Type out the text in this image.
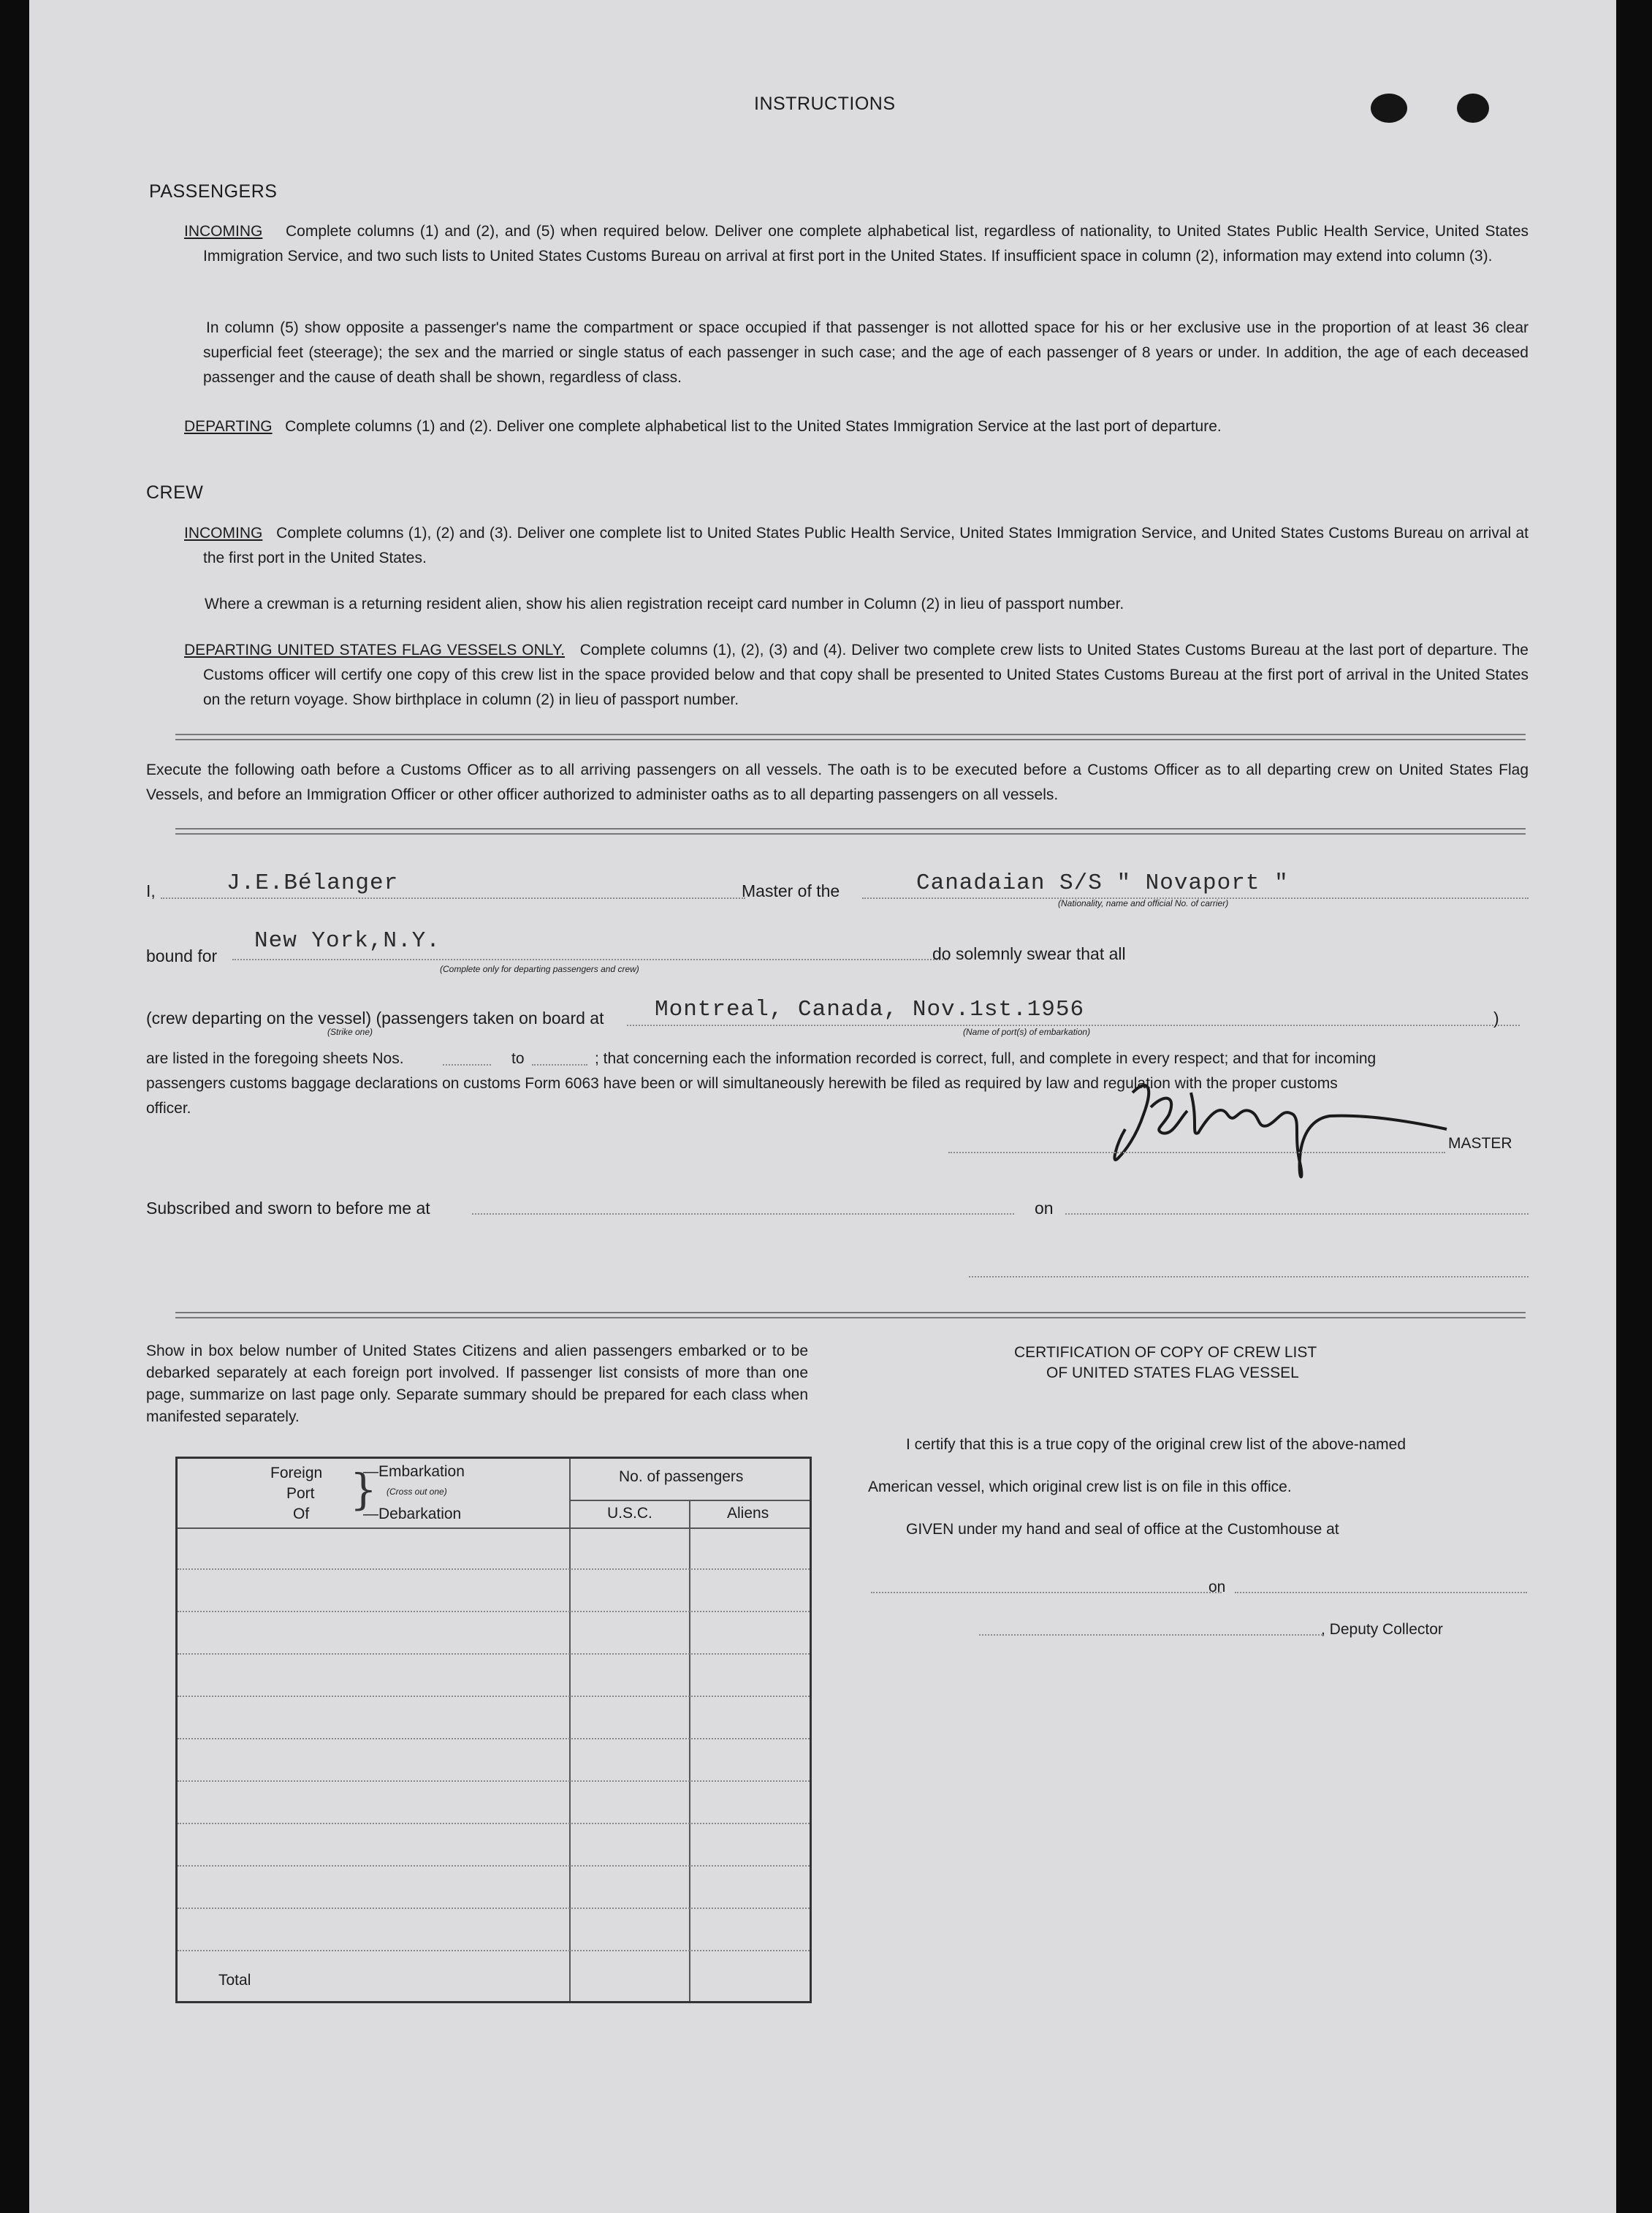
INSTRUCTIONS
PASSENGERS
INCOMING Complete columns (1) and (2), and (5) when required below. Deliver one complete alphabetical list, regardless of nationality, to United States Public Health Service, United States Immigration Service, and two such lists to United States Customs Bureau on arrival at first port in the United States. If insufficient space in column (2), information may extend into column (3).
In column (5) show opposite a passenger's name the compartment or space occupied if that passenger is not allotted space for his or her exclusive use in the proportion of at least 36 clear superficial feet (steerage); the sex and the married or single status of each passenger in such case; and the age of each passenger of 8 years or under. In addition, the age of each deceased passenger and the cause of death shall be shown, regardless of class.
DEPARTING Complete columns (1) and (2). Deliver one complete alphabetical list to the United States Immigration Service at the last port of departure.
CREW
INCOMING Complete columns (1), (2) and (3). Deliver one complete list to United States Public Health Service, United States Immigration Service, and United States Customs Bureau on arrival at the first port in the United States.
Where a crewman is a returning resident alien, show his alien registration receipt card number in Column (2) in lieu of passport number.
DEPARTING UNITED STATES FLAG VESSELS ONLY. Complete columns (1), (2), (3) and (4). Deliver two complete crew lists to United States Customs Bureau at the last port of departure. The Customs officer will certify one copy of this crew list in the space provided below and that copy shall be presented to United States Customs Bureau at the first port of arrival in the United States on the return voyage. Show birthplace in column (2) in lieu of passport number.
Execute the following oath before a Customs Officer as to all arriving passengers on all vessels. The oath is to be executed before a Customs Officer as to all departing crew on United States Flag Vessels, and before an Immigration Officer or other officer authorized to administer oaths as to all departing passengers on all vessels.
I,	J.E.Bélanger	Master of the	Canadaian S/S " Novaport "
(Nationality, name and official No. of carrier)
bound for
New York,N.Y.
(Complete only for departing passengers and crew)
do solemnly swear that all
(crew departing on the vessel) (passengers taken on board at
(Strike one)
Montreal, Canada, Nov.1st.1956
(Name of port(s) of embarkation)
)
are listed in the foregoing sheets Nos.	to	; that concerning each the information recorded is correct, full, and complete in every respect; and that for incoming
passengers customs baggage declarations on customs Form 6063 have been or will simultaneously herewith be filed as required by law and regulation with the proper customs
officer.
MASTER
Subscribed and sworn to before me at	on
Show in box below number of United States Citizens and alien passengers embarked or to be debarked separately at each foreign port involved. If passenger list consists of more than one page, summarize on last page only. Separate summary should be prepared for each class when manifested separately.
Foreign
Port
Of }
—Embarkation
(Cross out one)
—Debarkation
No. of passengers
U.S.C.	Aliens
Total
CERTIFICATION OF COPY OF CREW LIST
OF UNITED STATES FLAG VESSEL
I certify that this is a true copy of the original crew list of the above-named
American vessel, which original crew list is on file in this office.
GIVEN under my hand and seal of office at the Customhouse at
on
, Deputy Collector
